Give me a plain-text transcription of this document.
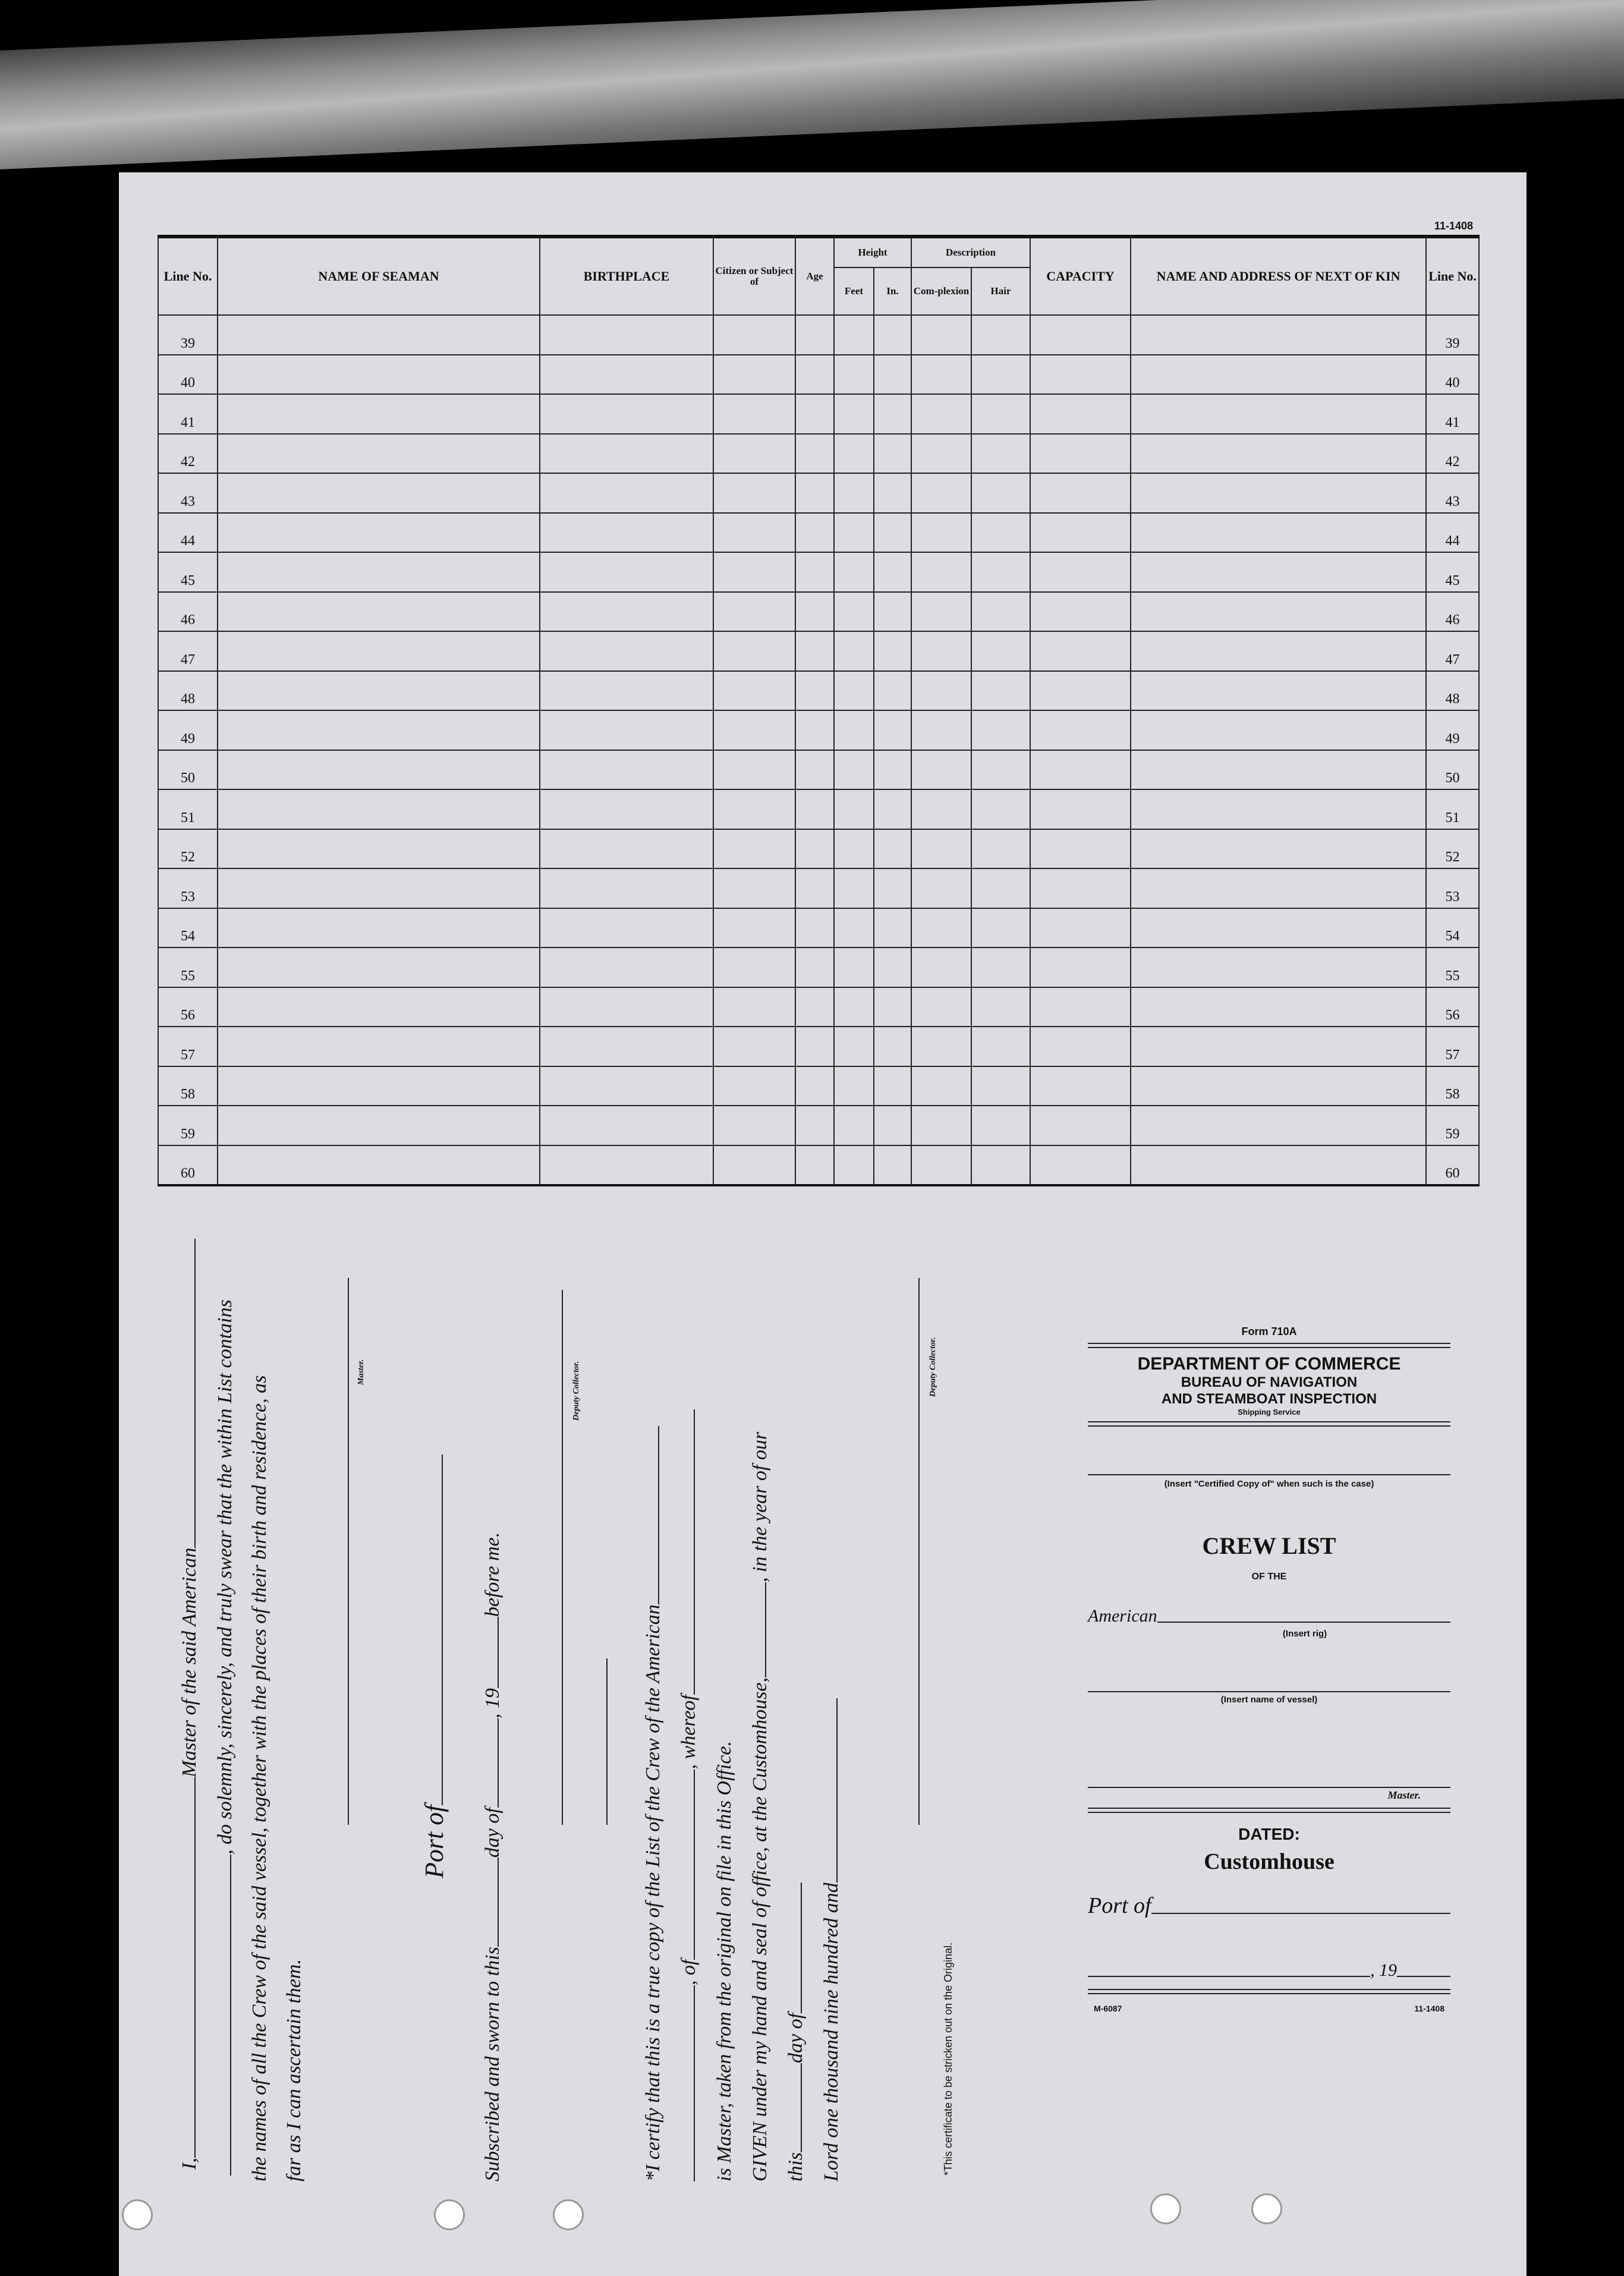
11-1408
Line No.	NAME OF SEAMAN	BIRTHPLACE	Citizen or Subject of	Age	Height		Description		CAPACITY	NAME AND ADDRESS OF NEXT OF KIN	Line No.
					Feet	In.	Com-plexion	Hair			
39											39
40											40
41											41
42											42
43											43
44											44
45											45
46											46
47											47
48											48
49											49
50											50
51											51
52											52
53											53
54											54
55											55
56											56
57											57
58											58
59											59
60											60
I,Master of the said American , do solemnly, sincerely, and truly swear that the within List contains the names of all the Crew of the said vessel, together with the places of their birth and residence, as far as I can ascertain them.
Master.
Port of
Subscribed and sworn to thisday of, 19before me.
Deputy Collector.
*I certify that this is a true copy of the List of the Crew of the American , of, whereof
is Master, taken from the original on file in this Office. GIVEN under my hand and seal of office, at the Customhouse,, in the year of our
thisday of Lord one thousand nine hundred and
Deputy Collector.
*This certificate to be stricken out on the Original.
Form 710A
DEPARTMENT OF COMMERCE
BUREAU OF NAVIGATION
AND STEAMBOAT INSPECTION
Shipping Service
(Insert "Certified Copy of" when such is the case)
CREW LIST
OF THE
American
(Insert rig)
(Insert name of vessel)
Master.
DATED:
Customhouse
Port of
, 19
M-6087	11-1408
